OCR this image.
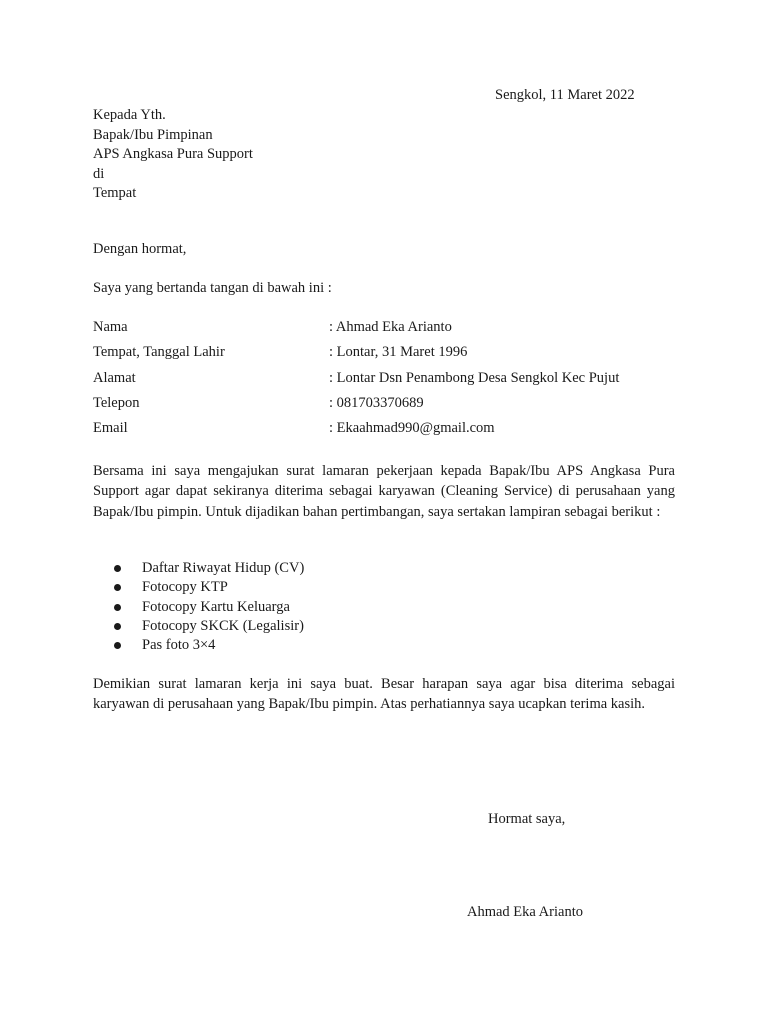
Sengkol, 11 Maret 2022
Kepada Yth.
Bapak/Ibu Pimpinan
APS Angkasa Pura Support
di
Tempat
Dengan hormat,
Saya yang bertanda tangan di bawah ini :
Nama	: Ahmad Eka Arianto
Tempat, Tanggal Lahir	: Lontar, 31 Maret 1996
Alamat	: Lontar Dsn Penambong Desa Sengkol Kec Pujut
Telepon	: 081703370689
Email	: Ekaahmad990@gmail.com
Bersama ini saya mengajukan surat lamaran pekerjaan kepada Bapak/Ibu APS Angkasa Pura Support agar dapat sekiranya diterima sebagai karyawan (Cleaning Service) di perusahaan yang Bapak/Ibu pimpin. Untuk dijadikan bahan pertimbangan, saya sertakan lampiran sebagai berikut :
Daftar Riwayat Hidup (CV)
Fotocopy KTP
Fotocopy Kartu Keluarga
Fotocopy SKCK (Legalisir)
Pas foto 3×4
Demikian surat lamaran kerja ini saya buat. Besar harapan saya agar bisa diterima sebagai karyawan di perusahaan yang Bapak/Ibu pimpin. Atas perhatiannya saya ucapkan terima kasih.
Hormat saya,
Ahmad Eka Arianto
